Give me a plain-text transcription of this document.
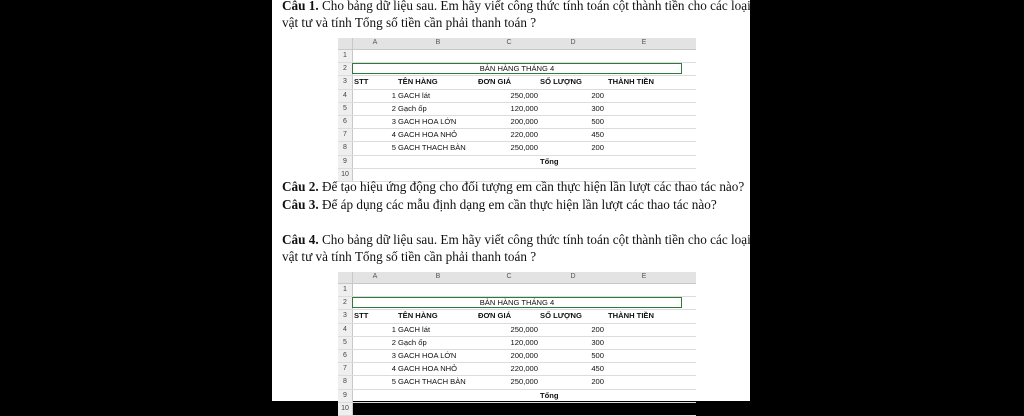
Câu 1. Cho bảng dữ liệu sau. Em hãy viết công thức tính toán cột thành tiền cho các loại
vật tư và tính Tổng số tiền cần phải thanh toán ?
A	B	C	D	E
1
2	BẢN HÀNG THÁNG 4
3 STT	TÊN HÀNG	ĐƠN GIÁ	SỐ LƯỢNG	THÀNH TIỀN
4	1 GACH lát	250,000	200
5	2 Gạch ốp	120,000	300
6	3 GACH HOA LỚN	200,000	500
7	4 GACH HOA NHỎ	220,000	450
8	5 GACH THACH BÀN	250,000	200
9	Tổng
10
Câu 2. Để tạo hiệu ứng động cho đối tượng em cần thực hiện lần lượt các thao tác nào?
Câu 3. Để áp dụng các mẫu định dạng em cần thực hiện lần lượt các thao tác nào?
Câu 4. Cho bảng dữ liệu sau. Em hãy viết công thức tính toán cột thành tiền cho các loại
vật tư và tính Tổng số tiền cần phải thanh toán ?
A	B	C	D	E
1
2	BẢN HÀNG THÁNG 4
3 STT	TÊN HÀNG	ĐƠN GIÁ	SỐ LƯỢNG	THÀNH TIỀN
4	1 GACH lát	250,000	200
5	2 Gạch ốp	120,000	300
6	3 GACH HOA LỚN	200,000	500
7	4 GACH HOA NHỎ	220,000	450
8	5 GACH THACH BÀN	250,000	200
9	Tổng
10
